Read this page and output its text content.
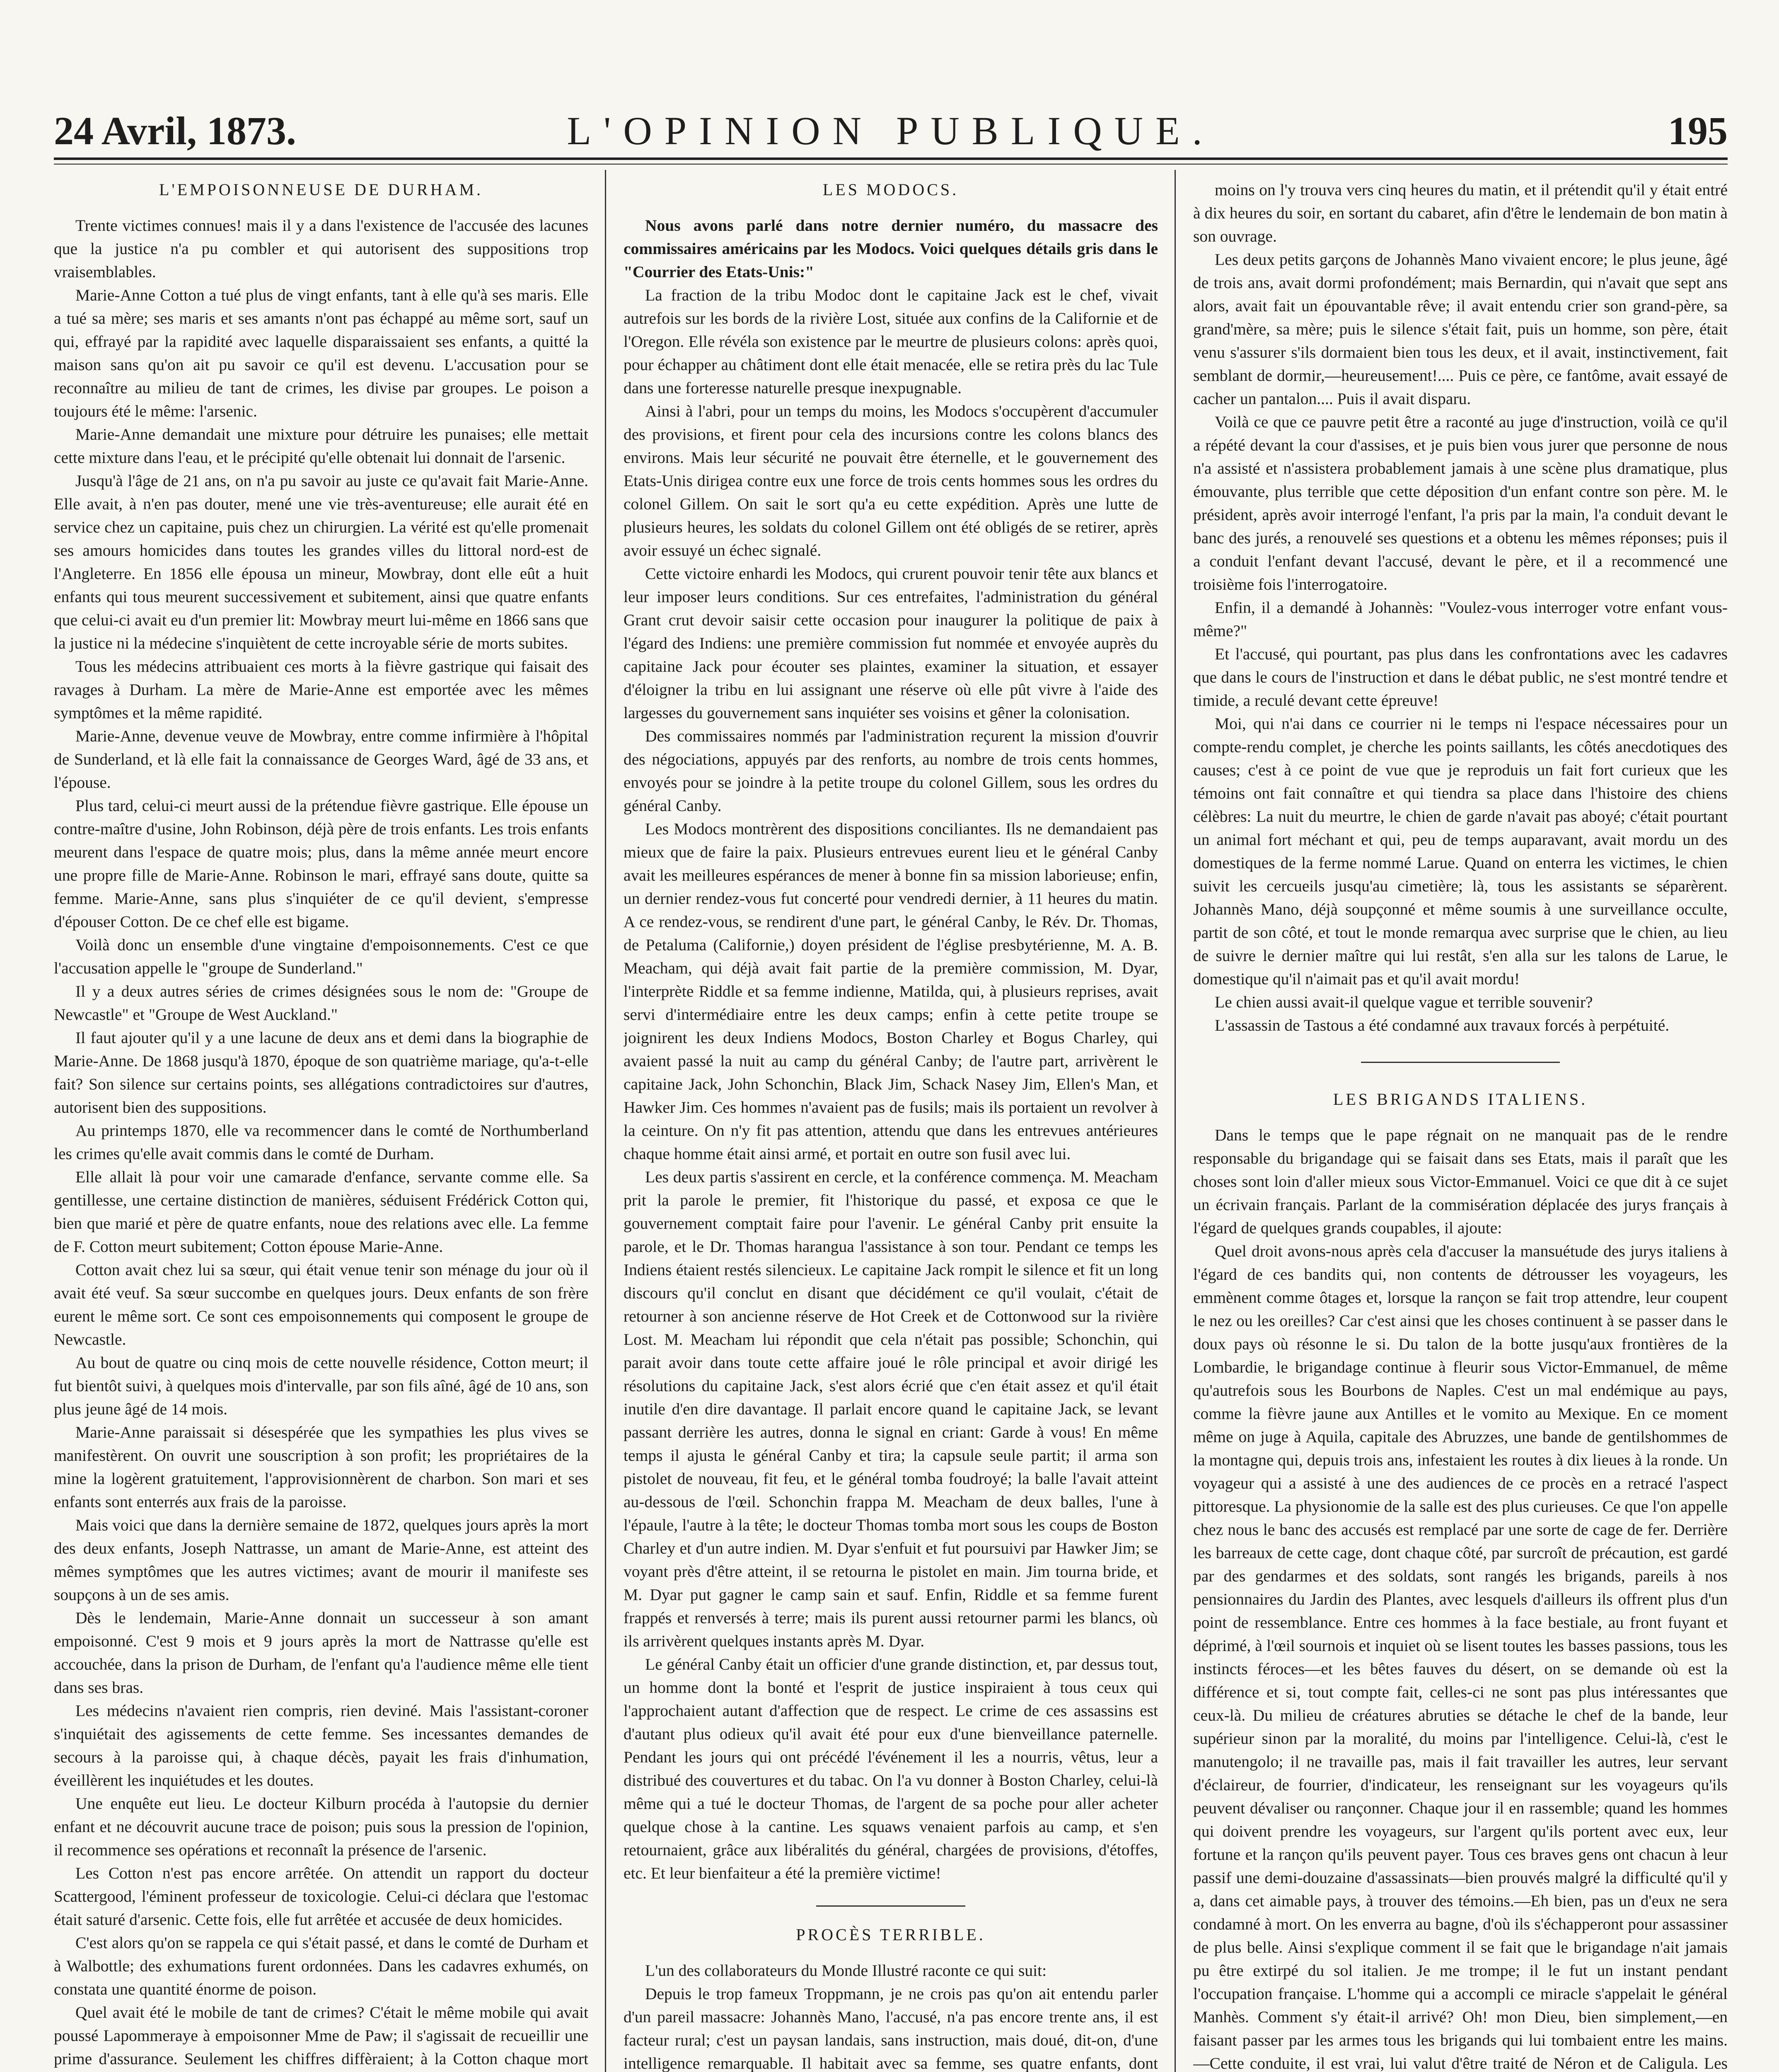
24 Avril, 1873.	L'OPINION PUBLIQUE.	195
L'EMPOISONNEUSE DE DURHAM.

Trente victimes connues! mais il y a dans l'existence de l'accusée des lacunes que la justice n'a pu combler et qui autorisent des suppositions trop vraisemblables.

Marie-Anne Cotton a tué plus de vingt enfants, tant à elle qu'à ses maris. Elle a tué sa mère; ses maris et ses amants n'ont pas échappé au même sort, sauf un qui, effrayé par la rapidité avec laquelle disparaissaient ses enfants, a quitté la maison sans qu'on ait pu savoir ce qu'il est devenu. L'accusation pour se reconnaître au milieu de tant de crimes, les divise par groupes. Le poison a toujours été le même: l'arsenic.

Marie-Anne demandait une mixture pour détruire les punaises; elle mettait cette mixture dans l'eau, et le précipité qu'elle obtenait lui donnait de l'arsenic.

Jusqu'à l'âge de 21 ans, on n'a pu savoir au juste ce qu'avait fait Marie-Anne. Elle avait, à n'en pas douter, mené une vie très-aventureuse; elle aurait été en service chez un capitaine, puis chez un chirurgien. La vérité est qu'elle promenait ses amours homicides dans toutes les grandes villes du littoral nord-est de l'Angleterre. En 1856 elle épousa un mineur, Mowbray, dont elle eût a huit enfants qui tous meurent successivement et subitement, ainsi que quatre enfants que celui-ci avait eu d'un premier lit: Mowbray meurt lui-même en 1866 sans que la justice ni la médecine s'inquiètent de cette incroyable série de morts subites.

Tous les médecins attribuaient ces morts à la fièvre gastrique qui faisait des ravages à Durham. La mère de Marie-Anne est emportée avec les mêmes symptômes et la même rapidité.

Marie-Anne, devenue veuve de Mowbray, entre comme infirmière à l'hôpital de Sunderland, et là elle fait la connaissance de Georges Ward, âgé de 33 ans, et l'épouse.

Plus tard, celui-ci meurt aussi de la prétendue fièvre gastrique. Elle épouse un contre-maître d'usine, John Robinson, déjà père de trois enfants. Les trois enfants meurent dans l'espace de quatre mois; plus, dans la même année meurt encore une propre fille de Marie-Anne. Robinson le mari, effrayé sans doute, quitte sa femme. Marie-Anne, sans plus s'inquiéter de ce qu'il devient, s'empresse d'épouser Cotton. De ce chef elle est bigame.

Voilà donc un ensemble d'une vingtaine d'empoisonnements. C'est ce que l'accusation appelle le "groupe de Sunderland."

Il y a deux autres séries de crimes désignées sous le nom de: "Groupe de Newcastle" et "Groupe de West Auckland."

Il faut ajouter qu'il y a une lacune de deux ans et demi dans la biographie de Marie-Anne. De 1868 jusqu'à 1870, époque de son quatrième mariage, qu'a-t-elle fait? Son silence sur certains points, ses allégations contradictoires sur d'autres, autorisent bien des suppositions.

Au printemps 1870, elle va recommencer dans le comté de Northumberland les crimes qu'elle avait commis dans le comté de Durham.

Elle allait là pour voir une camarade d'enfance, servante comme elle. Sa gentillesse, une certaine distinction de manières, séduisent Frédérick Cotton qui, bien que marié et père de quatre enfants, noue des relations avec elle. La femme de F. Cotton meurt subitement; Cotton épouse Marie-Anne.

Cotton avait chez lui sa sœur, qui était venue tenir son ménage du jour où il avait été veuf. Sa sœur succombe en quelques jours. Deux enfants de son frère eurent le même sort. Ce sont ces empoisonnements qui composent le groupe de Newcastle.

Au bout de quatre ou cinq mois de cette nouvelle résidence, Cotton meurt; il fut bientôt suivi, à quelques mois d'intervalle, par son fils aîné, âgé de 10 ans, son plus jeune âgé de 14 mois.

Marie-Anne paraissait si désespérée que les sympathies les plus vives se manifestèrent. On ouvrit une souscription à son profit; les propriétaires de la mine la logèrent gratuitement, l'approvisionnèrent de charbon. Son mari et ses enfants sont enterrés aux frais de la paroisse.

Mais voici que dans la dernière semaine de 1872, quelques jours après la mort des deux enfants, Joseph Nattrasse, un amant de Marie-Anne, est atteint des mêmes symptômes que les autres victimes; avant de mourir il manifeste ses soupçons à un de ses amis.

Dès le lendemain, Marie-Anne donnait un successeur à son amant empoisonné. C'est 9 mois et 9 jours après la mort de Nattrasse qu'elle est accouchée, dans la prison de Durham, de l'enfant qu'a l'audience même elle tient dans ses bras.

Les médecins n'avaient rien compris, rien deviné. Mais l'assistant-coroner s'inquiétait des agissements de cette femme. Ses incessantes demandes de secours à la paroisse qui, à chaque décès, payait les frais d'inhumation, éveillèrent les inquiétudes et les doutes.

Une enquête eut lieu. Le docteur Kilburn procéda à l'autopsie du dernier enfant et ne découvrit aucune trace de poison; puis sous la pression de l'opinion, il recommence ses opérations et reconnaît la présence de l'arsenic.

Les Cotton n'est pas encore arrêtée. On attendit un rapport du docteur Scattergood, l'éminent professeur de toxicologie. Celui-ci déclara que l'estomac était saturé d'arsenic. Cette fois, elle fut arrêtée et accusée de deux homicides.

C'est alors qu'on se rappela ce qui s'était passé, et dans le comté de Durham et à Walbottle; des exhumations furent ordonnées. Dans les cadavres exhumés, on constata une quantité énorme de poison.

Quel avait été le mobile de tant de crimes? C'était le même mobile qui avait poussé Lapommeraye à empoisonner Mme de Paw; il s'agissait de recueillir une prime d'assurance. Seulement les chiffres diffèraient; à la Cotton chaque mort

LES MODOCS.

Nous avons parlé dans notre dernier numéro, du massacre des commissaires américains par les Modocs. Voici quelques détails gris dans le "Courrier des Etats-Unis:"

La fraction de la tribu Modoc dont le capitaine Jack est le chef, vivait autrefois sur les bords de la rivière Lost, située aux confins de la Californie et de l'Oregon. Elle révéla son existence par le meurtre de plusieurs colons: après quoi, pour échapper au châtiment dont elle était menacée, elle se retira près du lac Tule dans une forteresse naturelle presque inexpugnable.

Ainsi à l'abri, pour un temps du moins, les Modocs s'occupèrent d'accumuler des provisions, et firent pour cela des incursions contre les colons blancs des environs. Mais leur sécurité ne pouvait être éternelle, et le gouvernement des Etats-Unis dirigea contre eux une force de trois cents hommes sous les ordres du colonel Gillem. On sait le sort qu'a eu cette expédition. Après une lutte de plusieurs heures, les soldats du colonel Gillem ont été obligés de se retirer, après avoir essuyé un échec signalé.

Cette victoire enhardi les Modocs, qui crurent pouvoir tenir tête aux blancs et leur imposer leurs conditions. Sur ces entrefaites, l'administration du général Grant crut devoir saisir cette occasion pour inaugurer la politique de paix à l'égard des Indiens: une première commission fut nommée et envoyée auprès du capitaine Jack pour écouter ses plaintes, examiner la situation, et essayer d'éloigner la tribu en lui assignant une réserve où elle pût vivre à l'aide des largesses du gouvernement sans inquiéter ses voisins et gêner la colonisation.

Des commissaires nommés par l'administration reçurent la mission d'ouvrir des négociations, appuyés par des renforts, au nombre de trois cents hommes, envoyés pour se joindre à la petite troupe du colonel Gillem, sous les ordres du général Canby.

Les Modocs montrèrent des dispositions conciliantes. Ils ne demandaient pas mieux que de faire la paix. Plusieurs entrevues eurent lieu et le général Canby avait les meilleures espérances de mener à bonne fin sa mission laborieuse; enfin, un dernier rendez-vous fut concerté pour vendredi dernier, à 11 heures du matin. A ce rendez-vous, se rendirent d'une part, le général Canby, le Rév. Dr. Thomas, de Petaluma (Californie,) doyen président de l'église presbytérienne, M. A. B. Meacham, qui déjà avait fait partie de la première commission, M. Dyar, l'interprète Riddle et sa femme indienne, Matilda, qui, à plusieurs reprises, avait servi d'intermédiaire entre les deux camps; enfin à cette petite troupe se joignirent les deux Indiens Modocs, Boston Charley et Bogus Charley, qui avaient passé la nuit au camp du général Canby; de l'autre part, arrivèrent le capitaine Jack, John Schonchin, Black Jim, Schack Nasey Jim, Ellen's Man, et Hawker Jim. Ces hommes n'avaient pas de fusils; mais ils portaient un revolver à la ceinture. On n'y fit pas attention, attendu que dans les entrevues antérieures chaque homme était ainsi armé, et portait en outre son fusil avec lui.

Les deux partis s'assirent en cercle, et la conférence commença. M. Meacham prit la parole le premier, fit l'historique du passé, et exposa ce que le gouvernement comptait faire pour l'avenir. Le général Canby prit ensuite la parole, et le Dr. Thomas harangua l'assistance à son tour. Pendant ce temps les Indiens étaient restés silencieux. Le capitaine Jack rompit le silence et fit un long discours qu'il conclut en disant que décidément ce qu'il voulait, c'était de retourner à son ancienne réserve de Hot Creek et de Cottonwood sur la rivière Lost. M. Meacham lui répondit que cela n'était pas possible; Schonchin, qui parait avoir dans toute cette affaire joué le rôle principal et avoir dirigé les résolutions du capitaine Jack, s'est alors écrié que c'en était assez et qu'il était inutile d'en dire davantage. Il parlait encore quand le capitaine Jack, se levant passant derrière les autres, donna le signal en criant: Garde à vous! En même temps il ajusta le général Canby et tira; la capsule seule partit; il arma son pistolet de nouveau, fit feu, et le général tomba foudroyé; la balle l'avait atteint au-dessous de l'œil. Schonchin frappa M. Meacham de deux balles, l'une à l'épaule, l'autre à la tête; le docteur Thomas tomba mort sous les coups de Boston Charley et d'un autre indien. M. Dyar s'enfuit et fut poursuivi par Hawker Jim; se voyant près d'être atteint, il se retourna le pistolet en main. Jim tourna bride, et M. Dyar put gagner le camp sain et sauf. Enfin, Riddle et sa femme furent frappés et renversés à terre; mais ils purent aussi retourner parmi les blancs, où ils arrivèrent quelques instants après M. Dyar.

Le général Canby était un officier d'une grande distinction, et, par dessus tout, un homme dont la bonté et l'esprit de justice inspiraient à tous ceux qui l'approchaient autant d'affection que de respect. Le crime de ces assassins est d'autant plus odieux qu'il avait été pour eux d'une bienveillance paternelle. Pendant les jours qui ont précédé l'événement il les a nourris, vêtus, leur a distribué des couvertures et du tabac. On l'a vu donner à Boston Charley, celui-là même qui a tué le docteur Thomas, de l'argent de sa poche pour aller acheter quelque chose à la cantine. Les squaws venaient parfois au camp, et s'en retournaient, grâce aux libéralités du général, chargées de provisions, d'étoffes, etc. Et leur bienfaiteur a été la première victime!

PROCÈS TERRIBLE.

L'un des collaborateurs du Monde Illustré raconte ce qui suit:

Depuis le trop fameux Troppmann, je ne crois pas qu'on ait entendu parler d'un pareil massacre: Johannès Mano, l'accusé, n'a pas encore trente ans, il est facteur rural; c'est un paysan landais, sans instruction, mais doué, dit-on, d'une intelligence remarquable. Il habitait avec sa femme, ses quatre enfants, dont

moins on l'y trouva vers cinq heures du matin, et il prétendit qu'il y était entré à dix heures du soir, en sortant du cabaret, afin d'être le lendemain de bon matin à son ouvrage.

Les deux petits garçons de Johannès Mano vivaient encore; le plus jeune, âgé de trois ans, avait dormi profondément; mais Bernardin, qui n'avait que sept ans alors, avait fait un épouvantable rêve; il avait entendu crier son grand-père, sa grand'mère, sa mère; puis le silence s'était fait, puis un homme, son père, était venu s'assurer s'ils dormaient bien tous les deux, et il avait, instinctivement, fait semblant de dormir,—heureusement!.... Puis ce père, ce fantôme, avait essayé de cacher un pantalon.... Puis il avait disparu.

Voilà ce que ce pauvre petit être a raconté au juge d'instruction, voilà ce qu'il a répété devant la cour d'assises, et je puis bien vous jurer que personne de nous n'a assisté et n'assistera probablement jamais à une scène plus dramatique, plus émouvante, plus terrible que cette déposition d'un enfant contre son père. M. le président, après avoir interrogé l'enfant, l'a pris par la main, l'a conduit devant le banc des jurés, a renouvelé ses questions et a obtenu les mêmes réponses; puis il a conduit l'enfant devant l'accusé, devant le père, et il a recommencé une troisième fois l'interrogatoire.

Enfin, il a demandé à Johannès: "Voulez-vous interroger votre enfant vous-même?"

Et l'accusé, qui pourtant, pas plus dans les confrontations avec les cadavres que dans le cours de l'instruction et dans le débat public, ne s'est montré tendre et timide, a reculé devant cette épreuve!

Moi, qui n'ai dans ce courrier ni le temps ni l'espace nécessaires pour un compte-rendu complet, je cherche les points saillants, les côtés anecdotiques des causes; c'est à ce point de vue que je reproduis un fait fort curieux que les témoins ont fait connaître et qui tiendra sa place dans l'histoire des chiens célèbres: La nuit du meurtre, le chien de garde n'avait pas aboyé; c'était pourtant un animal fort méchant et qui, peu de temps auparavant, avait mordu un des domestiques de la ferme nommé Larue. Quand on enterra les victimes, le chien suivit les cercueils jusqu'au cimetière; là, tous les assistants se séparèrent. Johannès Mano, déjà soupçonné et même soumis à une surveillance occulte, partit de son côté, et tout le monde remarqua avec surprise que le chien, au lieu de suivre le dernier maître qui lui restât, s'en alla sur les talons de Larue, le domestique qu'il n'aimait pas et qu'il avait mordu!

Le chien aussi avait-il quelque vague et terrible souvenir?

L'assassin de Tastous a été condamné aux travaux forcés à perpétuité.

LES BRIGANDS ITALIENS.

Dans le temps que le pape régnait on ne manquait pas de le rendre responsable du brigandage qui se faisait dans ses Etats, mais il paraît que les choses sont loin d'aller mieux sous Victor-Emmanuel. Voici ce que dit à ce sujet un écrivain français. Parlant de la commisération déplacée des jurys français à l'égard de quelques grands coupables, il ajoute:

Quel droit avons-nous après cela d'accuser la mansuétude des jurys italiens à l'égard de ces bandits qui, non contents de détrousser les voyageurs, les emmènent comme ôtages et, lorsque la rançon se fait trop attendre, leur coupent le nez ou les oreilles? Car c'est ainsi que les choses continuent à se passer dans le doux pays où résonne le si. Du talon de la botte jusqu'aux frontières de la Lombardie, le brigandage continue à fleurir sous Victor-Emmanuel, de même qu'autrefois sous les Bourbons de Naples. C'est un mal endémique au pays, comme la fièvre jaune aux Antilles et le vomito au Mexique. En ce moment même on juge à Aquila, capitale des Abruzzes, une bande de gentilshommes de la montagne qui, depuis trois ans, infestaient les routes à dix lieues à la ronde. Un voyageur qui a assisté à une des audiences de ce procès en a retracé l'aspect pittoresque. La physionomie de la salle est des plus curieuses. Ce que l'on appelle chez nous le banc des accusés est remplacé par une sorte de cage de fer. Derrière les barreaux de cette cage, dont chaque côté, par surcroît de précaution, est gardé par des gendarmes et des soldats, sont rangés les brigands, pareils à nos pensionnaires du Jardin des Plantes, avec lesquels d'ailleurs ils offrent plus d'un point de ressemblance. Entre ces hommes à la face bestiale, au front fuyant et déprimé, à l'œil sournois et inquiet où se lisent toutes les basses passions, tous les instincts féroces—et les bêtes fauves du désert, on se demande où est la différence et si, tout compte fait, celles-ci ne sont pas plus intéressantes que ceux-là. Du milieu de créatures abruties se détache le chef de la bande, leur supérieur sinon par la moralité, du moins par l'intelligence. Celui-là, c'est le manutengolo; il ne travaille pas, mais il fait travailler les autres, leur servant d'éclaireur, de fourrier, d'indicateur, les renseignant sur les voyageurs qu'ils peuvent dévaliser ou rançonner. Chaque jour il en rassemble; quand les hommes qui doivent prendre les voyageurs, sur l'argent qu'ils portent avec eux, leur fortune et la rançon qu'ils peuvent payer. Tous ces braves gens ont chacun à leur passif une demi-douzaine d'assassinats—bien prouvés malgré la difficulté qu'il y a, dans cet aimable pays, à trouver des témoins.—Eh bien, pas un d'eux ne sera condamné à mort. On les enverra au bagne, d'où ils s'échapperont pour assassiner de plus belle. Ainsi s'explique comment il se fait que le brigandage n'ait jamais pu être extirpé du sol italien. Je me trompe; il le fut un instant pendant l'occupation française. L'homme qui a accompli ce miracle s'appelait le général Manhès. Comment s'y était-il arrivé? Oh! mon Dieu, bien simplement,—en faisant passer par les armes tous les brigands qui lui tombaient entre les mains. —Cette conduite, il est vrai, lui valut d'être traité de Néron et de Caligula. Les
